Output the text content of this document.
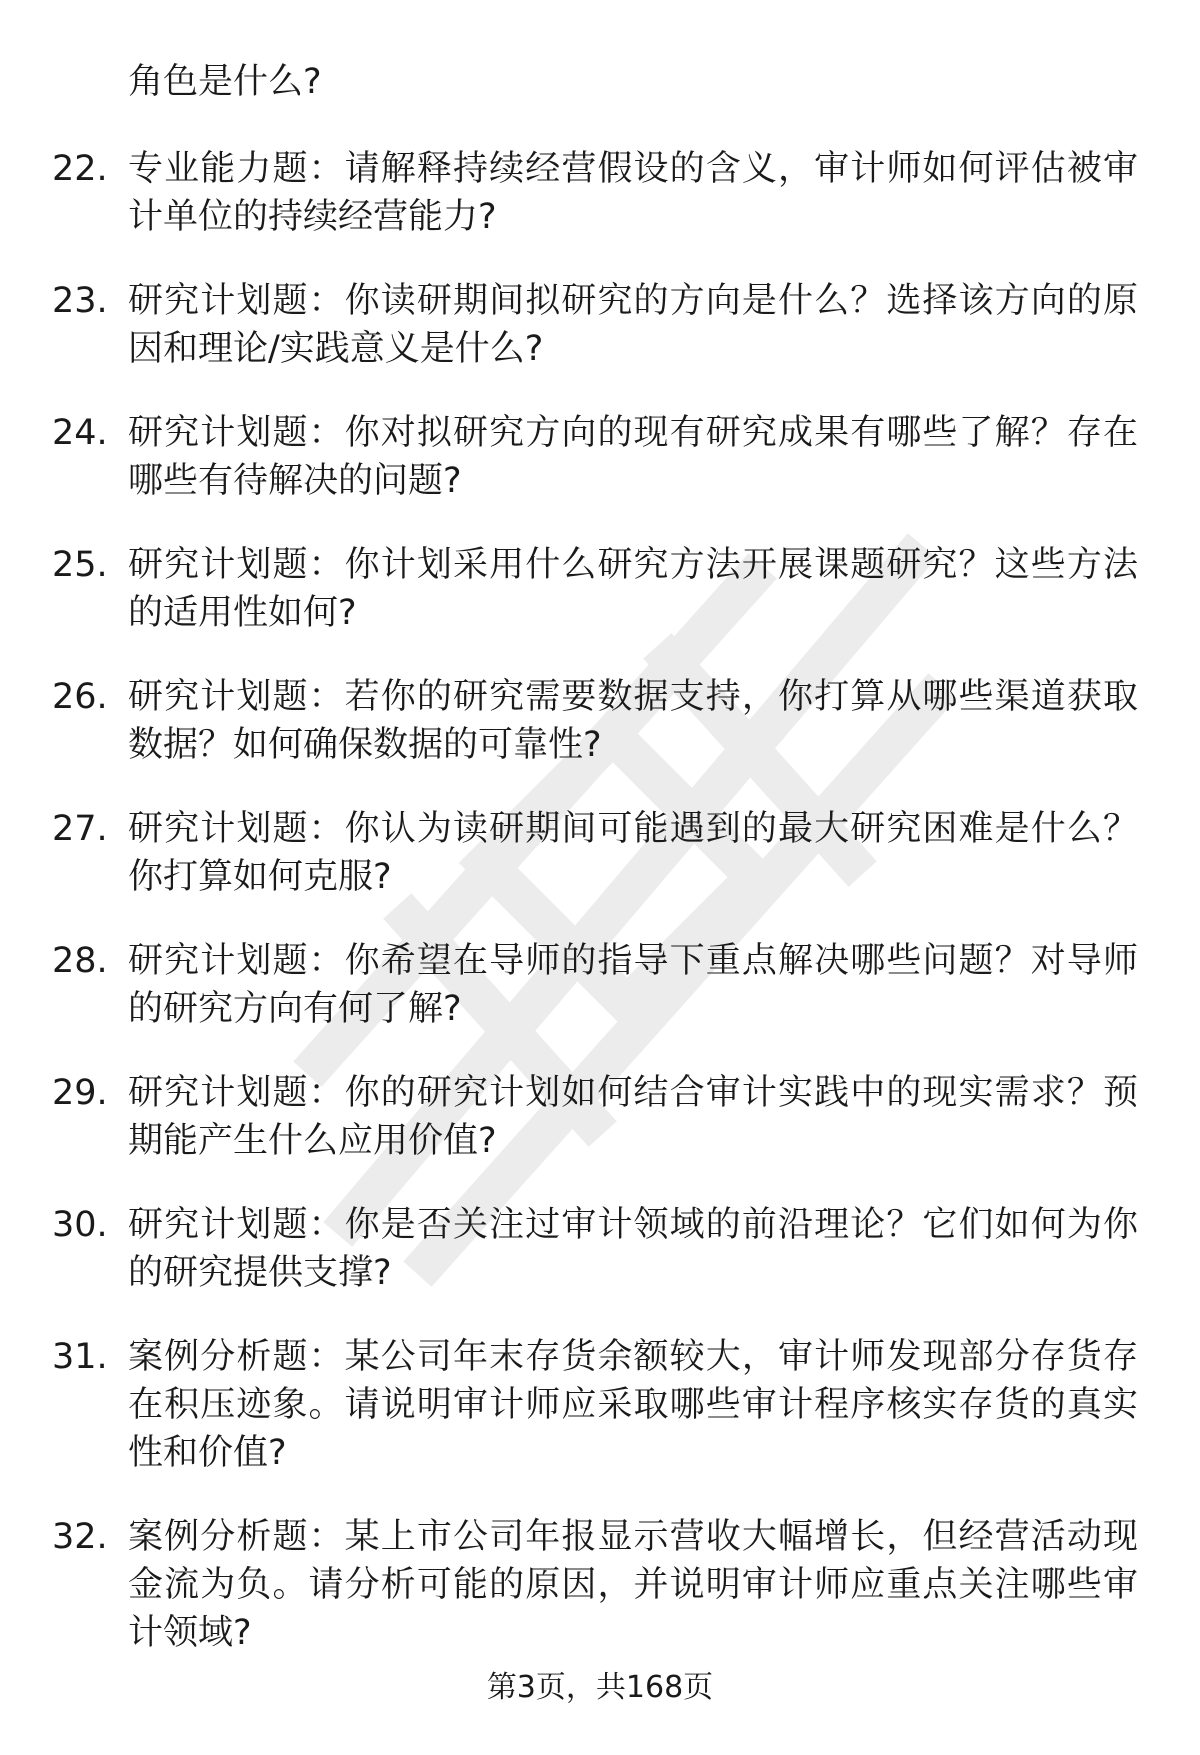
角色是什么?
22. 专业能力题：请解释持续经营假设的含义，审计师如何评估被审计单位的持续经营能力?
23. 研究计划题：你读研期间拟研究的方向是什么？选择该方向的原因和理论/实践意义是什么?
24. 研究计划题：你对拟研究方向的现有研究成果有哪些了解？存在哪些有待解决的问题?
25. 研究计划题：你计划采用什么研究方法开展课题研究？这些方法的适用性如何?
26. 研究计划题：若你的研究需要数据支持，你打算从哪些渠道获取数据？如何确保数据的可靠性?
27. 研究计划题：你认为读研期间可能遇到的最大研究困难是什么？你打算如何克服?
28. 研究计划题：你希望在导师的指导下重点解决哪些问题？对导师的研究方向有何了解?
29. 研究计划题：你的研究计划如何结合审计实践中的现实需求？预期能产生什么应用价值?
30. 研究计划题：你是否关注过审计领域的前沿理论？它们如何为你的研究提供支撑?
31. 案例分析题：某公司年末存货余额较大，审计师发现部分存货存在积压迹象。请说明审计师应采取哪些审计程序核实存货的真实性和价值?
32. 案例分析题：某上市公司年报显示营收大幅增长，但经营活动现金流为负。请分析可能的原因，并说明审计师应重点关注哪些审计领域?
第3页，共168页
